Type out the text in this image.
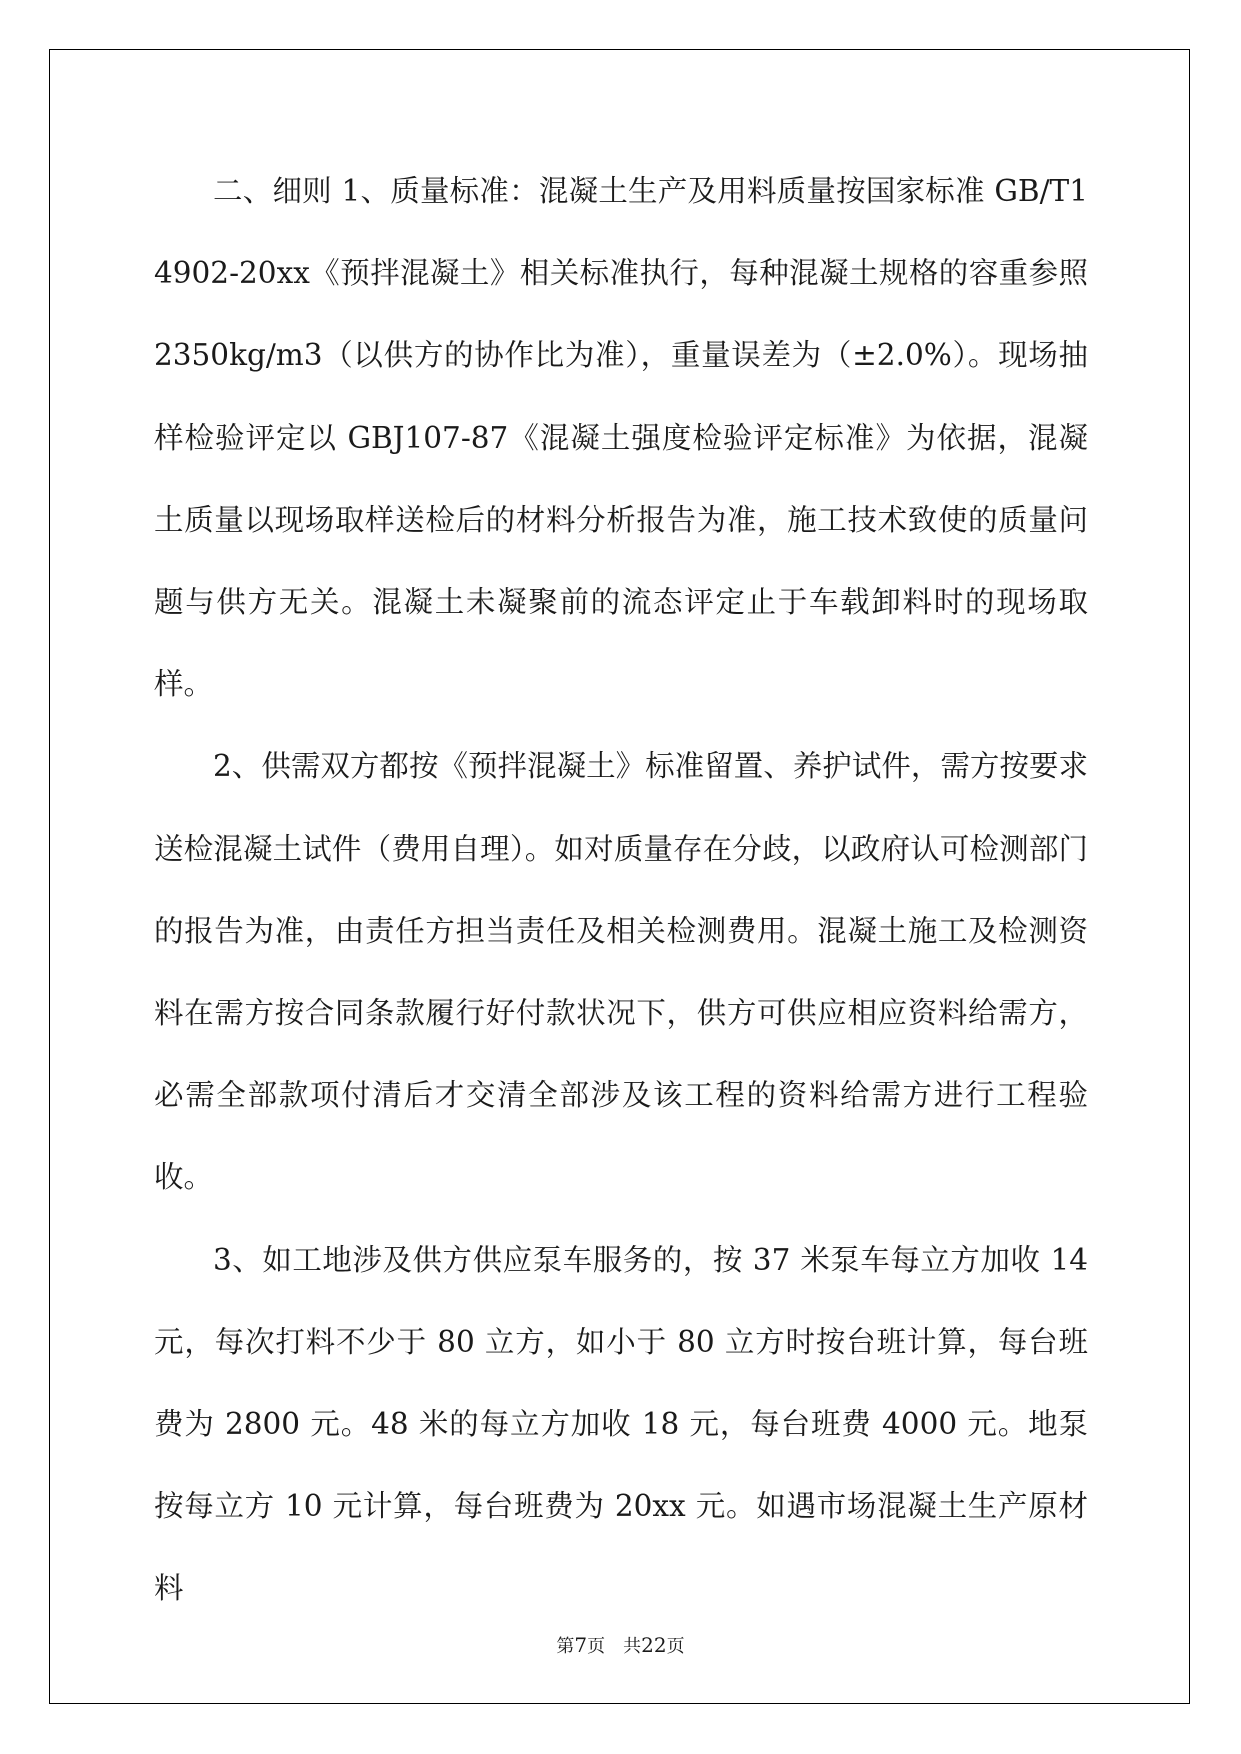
二、细则 1、质量标准：混凝土生产及用料质量按国家标准 GB/T14902-20xx《预拌混凝土》相关标准执行，每种混凝土规格的容重参照 2350kg/m3（以供方的协作比为准），重量误差为（±2.0%）。现场抽样检验评定以 GBJ107-87《混凝土强度检验评定标准》为依据，混凝土质量以现场取样送检后的材料分析报告为准，施工技术致使的质量问题与供方无关。混凝土未凝聚前的流态评定止于车载卸料时的现场取样。

2、供需双方都按《预拌混凝土》标准留置、养护试件，需方按要求送检混凝土试件（费用自理）。如对质量存在分歧，以政府认可检测部门的报告为准，由责任方担当责任及相关检测费用。混凝土施工及检测资料在需方按合同条款履行好付款状况下，供方可供应相应资料给需方，必需全部款项付清后才交清全部涉及该工程的资料给需方进行工程验收。

3、如工地涉及供方供应泵车服务的，按 37 米泵车每立方加收 14 元，每次打料不少于 80 立方，如小于 80 立方时按台班计算，每台班费为 2800 元。48 米的每立方加收 18 元，每台班费 4000 元。地泵按每立方 10 元计算，每台班费为 20xx 元。如遇市场混凝土生产原材料

第7页　共22页
